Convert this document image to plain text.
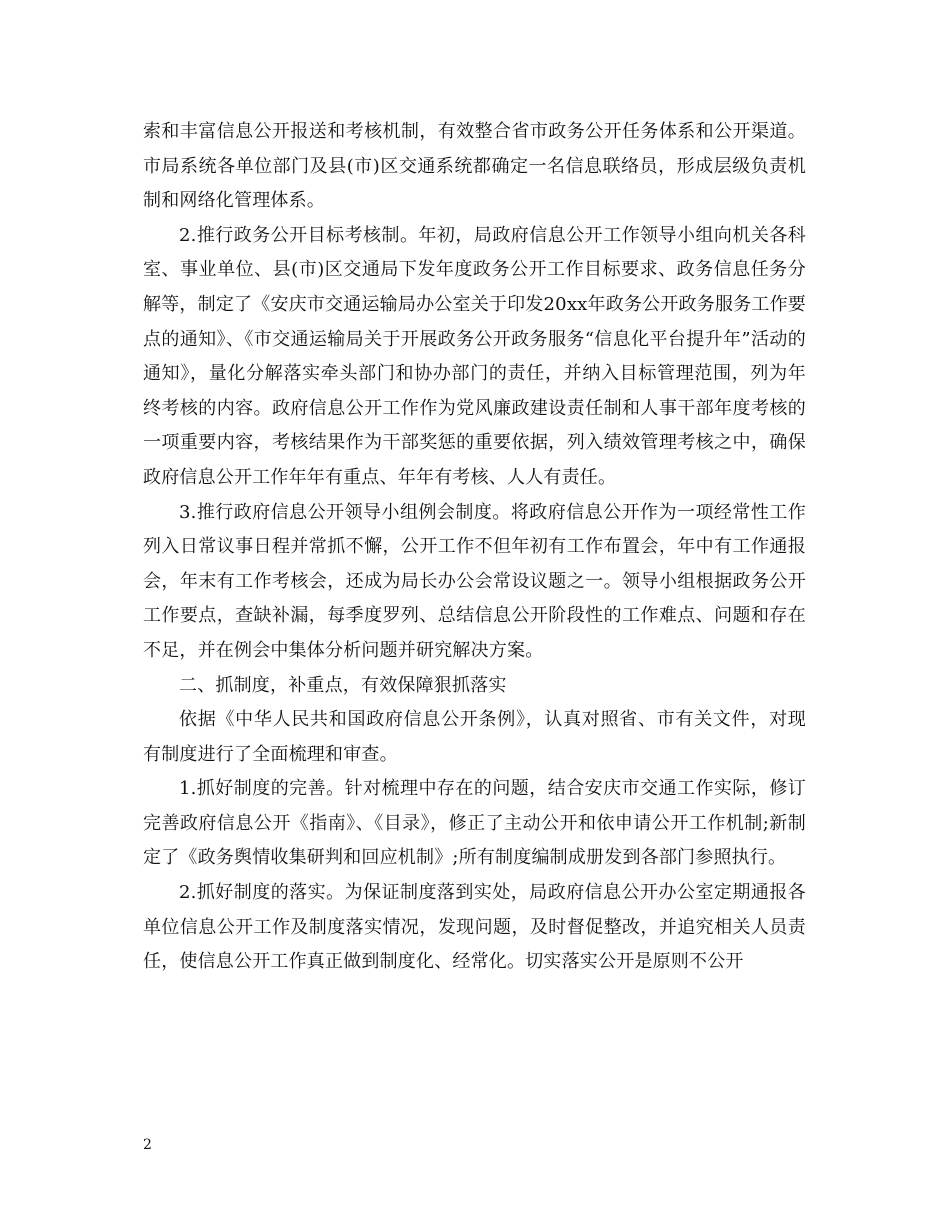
索和丰富信息公开报送和考核机制，有效整合省市政务公开任务体系和公开渠道。市局系统各单位部门及县(市)区交通系统都确定一名信息联络员，形成层级负责机制和网络化管理体系。

2.推行政务公开目标考核制。年初，局政府信息公开工作领导小组向机关各科室、事业单位、县(市)区交通局下发年度政务公开工作目标要求、政务信息任务分解等，制定了《安庆市交通运输局办公室关于印发20xx年政务公开政务服务工作要点的通知》、《市交通运输局关于开展政务公开政务服务“信息化平台提升年”活动的通知》，量化分解落实牵头部门和协办部门的责任，并纳入目标管理范围，列为年终考核的内容。政府信息公开工作作为党风廉政建设责任制和人事干部年度考核的一项重要内容，考核结果作为干部奖惩的重要依据，列入绩效管理考核之中，确保政府信息公开工作年年有重点、年年有考核、人人有责任。

3.推行政府信息公开领导小组例会制度。将政府信息公开作为一项经常性工作列入日常议事日程并常抓不懈，公开工作不但年初有工作布置会，年中有工作通报会，年末有工作考核会，还成为局长办公会常设议题之一。领导小组根据政务公开工作要点，查缺补漏，每季度罗列、总结信息公开阶段性的工作难点、问题和存在不足，并在例会中集体分析问题并研究解决方案。

二、抓制度，补重点，有效保障狠抓落实

依据《中华人民共和国政府信息公开条例》，认真对照省、市有关文件，对现有制度进行了全面梳理和审查。

1.抓好制度的完善。针对梳理中存在的问题，结合安庆市交通工作实际，修订完善政府信息公开《指南》、《目录》，修正了主动公开和依申请公开工作机制;新制定了《政务舆情收集研判和回应机制》;所有制度编制成册发到各部门参照执行。

2.抓好制度的落实。为保证制度落到实处，局政府信息公开办公室定期通报各单位信息公开工作及制度落实情况，发现问题，及时督促整改，并追究相关人员责任，使信息公开工作真正做到制度化、经常化。切实落实公开是原则不公开

2
